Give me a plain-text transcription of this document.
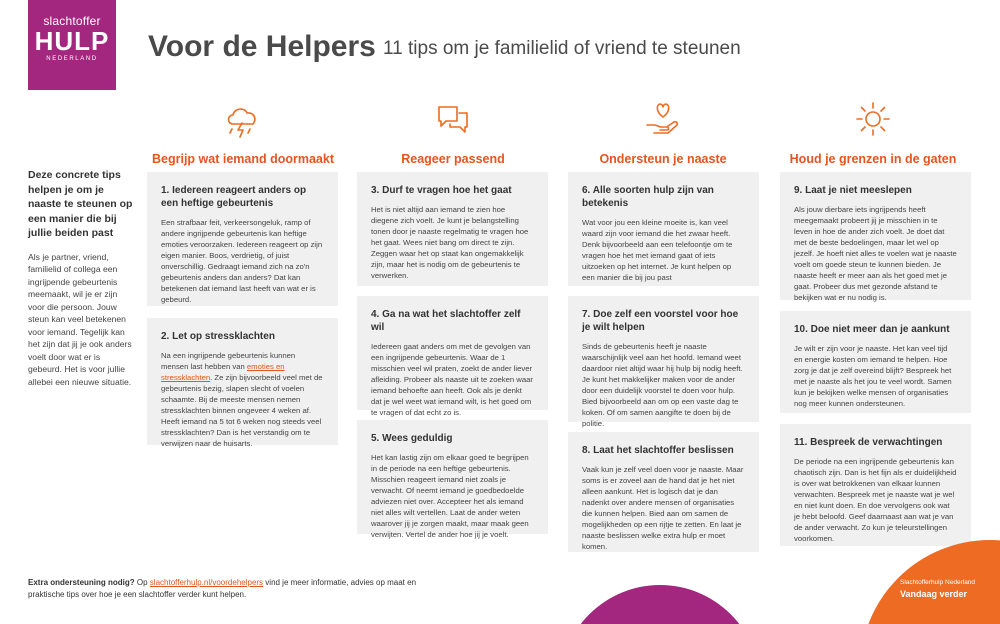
slachtoffer
HULP
NEDERLAND	Voor de Helpers 11 tips om je familielid of vriend te steunen
Begrijp wat iemand doormaakt	Reageer passend	Ondersteun je naaste	Houd je grenzen in de gaten
Deze concrete tips helpen je om je naaste te steunen op een manier die bij jullie beiden past
Als je partner, vriend, familielid of collega een ingrijpende gebeurtenis meemaakt, wil je er zijn voor die persoon. Jouw steun kan veel betekenen voor iemand. Tegelijk kan het zijn dat jij je ook anders voelt door wat er is gebeurd. Het is voor jullie allebei een nieuwe situatie.
1. Iedereen reageert anders op een heftige gebeurtenis
Een strafbaar feit, verkeersongeluk, ramp of andere ingrijpende gebeurtenis kan heftige emoties veroorzaken. Iedereen reageert op zijn eigen manier. Boos, verdrietig, of juist onverschillig. Gedraagt iemand zich na zo'n gebeurtenis anders dan anders? Dat kan betekenen dat iemand last heeft van wat er is gebeurd.
2. Let op stressklachten
Na een ingrijpende gebeurtenis kunnen mensen last hebben van emoties en stressklachten. Ze zijn bijvoorbeeld veel met de gebeurtenis bezig, slapen slecht of voelen schaamte. Bij de meeste mensen nemen stressklachten binnen ongeveer 4 weken af. Heeft iemand na 5 tot 6 weken nog steeds veel stressklachten? Dan is het verstandig om te verwijzen naar de huisarts.
3. Durf te vragen hoe het gaat
Het is niet altijd aan iemand te zien hoe diegene zich voelt. Je kunt je belangstelling tonen door je naaste regelmatig te vragen hoe het gaat. Wees niet bang om direct te zijn. Zeggen waar het op staat kan ongemakkelijk zijn, maar het is nodig om de gebeurtenis te verwerken.
4. Ga na wat het slachtoffer zelf wil
Iedereen gaat anders om met de gevolgen van een ingrijpende gebeurtenis. Waar de 1 misschien veel wil praten, zoekt de ander liever afleiding. Probeer als naaste uit te zoeken waar iemand behoefte aan heeft. Ook als je denkt dat je wel weet wat iemand wilt, is het goed om te vragen of dat echt zo is.
5. Wees geduldig
Het kan lastig zijn om elkaar goed te begrijpen in de periode na een heftige gebeurtenis. Misschien reageert iemand niet zoals je verwacht. Of neemt iemand je goedbedoelde adviezen niet over. Accepteer het als iemand niet alles wilt vertellen. Laat de ander weten waarover jij je zorgen maakt, maar maak geen verwijten. Vertel de ander hoe jij je voelt.
6. Alle soorten hulp zijn van betekenis
Wat voor jou een kleine moeite is, kan veel waard zijn voor iemand die het zwaar heeft. Denk bijvoorbeeld aan een telefoontje om te vragen hoe het met iemand gaat of iets uitzoeken op het internet. Je kunt helpen op een manier die bij jou past
7. Doe zelf een voorstel voor hoe je wilt helpen
Sinds de gebeurtenis heeft je naaste waarschijnlijk veel aan het hoofd. Iemand weet daardoor niet altijd waar hij hulp bij nodig heeft. Je kunt het makkelijker maken voor de ander door een duidelijk voorstel te doen voor hulp. Bied bijvoorbeeld aan om op een vaste dag te koken. Of om samen aangifte te doen bij de politie.
8. Laat het slachtoffer beslissen
Vaak kun je zelf veel doen voor je naaste. Maar soms is er zoveel aan de hand dat je het niet alleen aankunt. Het is logisch dat je dan nadenkt over andere mensen of organisaties die kunnen helpen. Bied aan om samen de mogelijkheden op een rijtje te zetten. En laat je naaste beslissen welke extra hulp er moet komen.
9. Laat je niet meeslepen
Als jouw dierbare iets ingrijpends heeft meegemaakt probeert jij je misschien in te leven in hoe de ander zich voelt. Je doet dat met de beste bedoelingen, maar let wel op jezelf. Je hoeft niet alles te voelen wat je naaste voelt om goede steun te kunnen bieden. Je naaste heeft er meer aan als het goed met je gaat. Probeer dus met gezonde afstand te bekijken wat er nu nodig is.
10. Doe niet meer dan je aankunt
Je wilt er zijn voor je naaste. Het kan veel tijd en energie kosten om iemand te helpen. Hoe zorg je dat je zelf overeind blijft? Bespreek het met je naaste als het jou te veel wordt. Samen kun je bekijken welke mensen of organisaties nog meer kunnen ondersteunen.
11. Bespreek de verwachtingen
De periode na een ingrijpende gebeurtenis kan chaotisch zijn. Dan is het fijn als er duidelijkheid is over wat betrokkenen van elkaar kunnen verwachten. Bespreek met je naaste wat je wel en niet kunt doen. En doe vervolgens ook wat je hebt beloofd. Geef daarnaast aan wat je van de ander verwacht. Zo kun je teleurstellingen voorkomen.
Extra ondersteuning nodig? Op slachtofferhulp.nl/voordehelpers vind je meer informatie, advies op maat en praktische tips over hoe je een slachtoffer verder kunt helpen.
Slachtofferhulp Nederland
Vandaag verder
